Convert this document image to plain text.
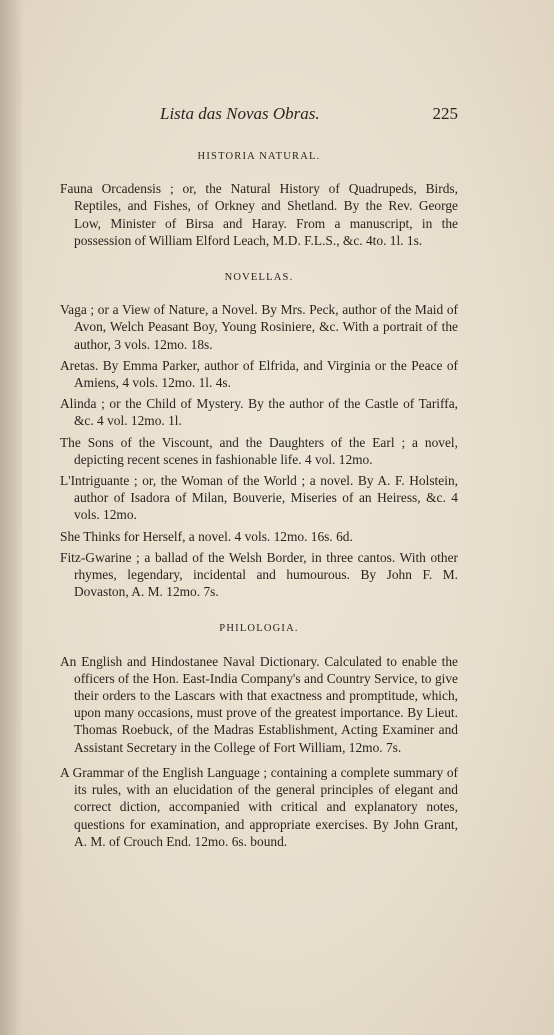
Lista das Novas Obras.	225
HISTORIA NATURAL.

Fauna Orcadensis ; or, the Natural History of Quadrupeds, Birds, Reptiles, and Fishes, of Orkney and Shetland. By the Rev. George Low, Minister of Birsa and Haray. From a manuscript, in the possession of William Elford Leach, M.D. F.L.S., &c. 4to. 1l. 1s.

NOVELLAS.

Vaga ; or a View of Nature, a Novel. By Mrs. Peck, author of the Maid of Avon, Welch Peasant Boy, Young Rosiniere, &c. With a portrait of the author, 3 vols. 12mo. 18s.

Aretas. By Emma Parker, author of Elfrida, and Virginia or the Peace of Amiens, 4 vols. 12mo. 1l. 4s.

Alinda ; or the Child of Mystery. By the author of the Castle of Tariffa, &c. 4 vol. 12mo. 1l.

The Sons of the Viscount, and the Daughters of the Earl ; a novel, depicting recent scenes in fashionable life. 4 vol. 12mo.

L'Intriguante ; or, the Woman of the World ; a novel. By A. F. Holstein, author of Isadora of Milan, Bouverie, Miseries of an Heiress, &c. 4 vols. 12mo.

She Thinks for Herself, a novel. 4 vols. 12mo. 16s. 6d.

Fitz-Gwarine ; a ballad of the Welsh Border, in three cantos. With other rhymes, legendary, incidental and humourous. By John F. M. Dovaston, A. M. 12mo. 7s.

PHILOLOGIA.

An English and Hindostanee Naval Dictionary. Calculated to enable the officers of the Hon. East-India Company's and Country Service, to give their orders to the Lascars with that exactness and promptitude, which, upon many occasions, must prove of the greatest importance. By Lieut. Thomas Roebuck, of the Madras Establishment, Acting Examiner and Assistant Secretary in the College of Fort William, 12mo. 7s.

A Grammar of the English Language ; containing a complete summary of its rules, with an elucidation of the general principles of elegant and correct diction, accompanied with critical and explanatory notes, questions for examination, and appropriate exercises. By John Grant, A. M. of Crouch End. 12mo. 6s. bound.
